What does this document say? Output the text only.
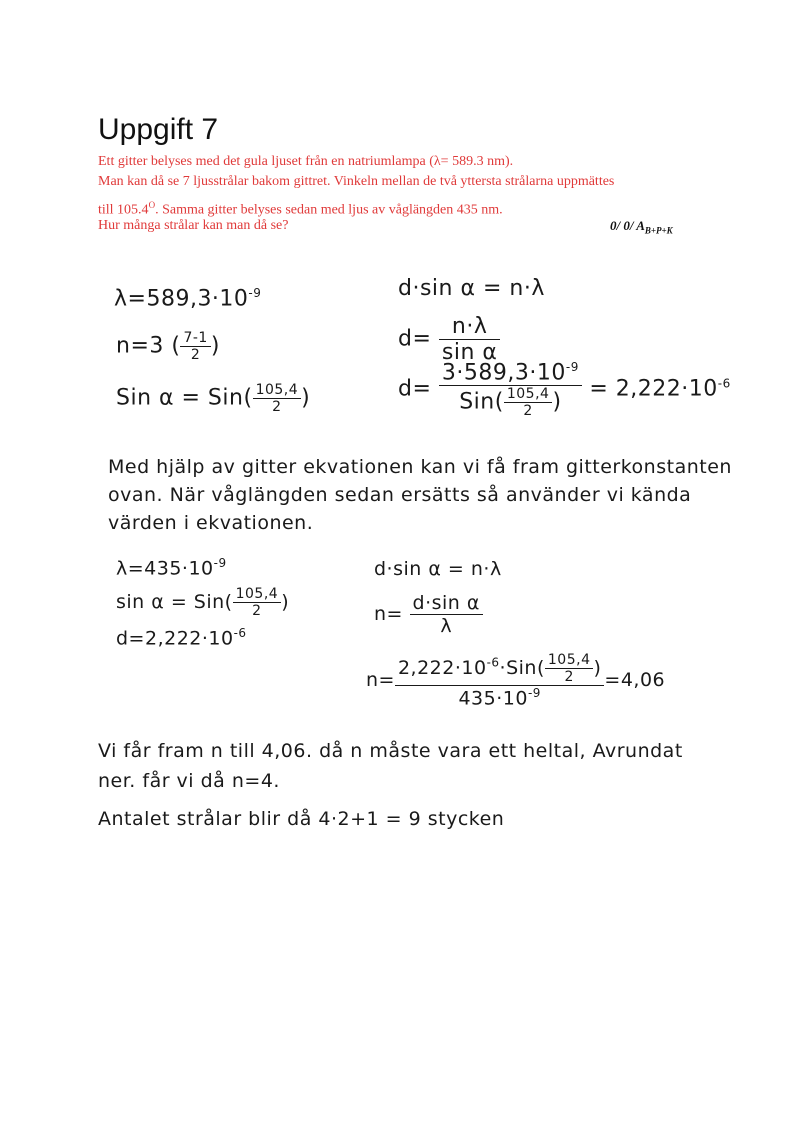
Uppgift 7
Ett gitter belyses med det gula ljuset från en natriumlampa (λ= 589.3 nm).
Man kan då se 7 ljusstrålar bakom gittret. Vinkeln mellan de två yttersta strålarna uppmättes
till $105.4^O$. Samma gitter belyses sedan med ljus av våglängden 435 nm.
Hur många strålar kan man då se?	0/ 0/ $A_{B+P+K}$
$\lambda=589,3\cdot 10^{-9}$
n=3 ( $\frac{7-1}{2}$ )
Sin $\alpha = Sin( \frac{105,4}{2}$ )
d·sin α = n·λ
$d= \frac{n\cdot\lambda}{\text{sin α}}$
$d= \frac{3\cdot 589,3\cdot 10^{-9}}{Sin( \frac{105,4}{2} )} = 2,222\cdot 10^{-6}$
Med hjälp av gitter ekvationen kan vi få fram gitterkonstanten
ovan. När våglängden sedan ersätts så använder vi kända
värden i ekvationen.
$\lambda=435\cdot 10^{-9}$
$\sin \alpha = Sin( \frac{105,4}{2}$ )
$d=2,222\cdot 10^{-6}$
d·sin α = n·λ
$n= \frac{\text{d·sin α}}{\lambda}$
$n= \frac{2,222\cdot 10^{-6}\cdot Sin( \frac{105,4}{2} )}{435\cdot 10^{-9}} =4,06$
Vi får fram n till 4,06. då n måste vara ett heltal, Avrundat
ner. får vi då n=4.
Antalet strålar blir då 4·2+1 = 9 stycken
